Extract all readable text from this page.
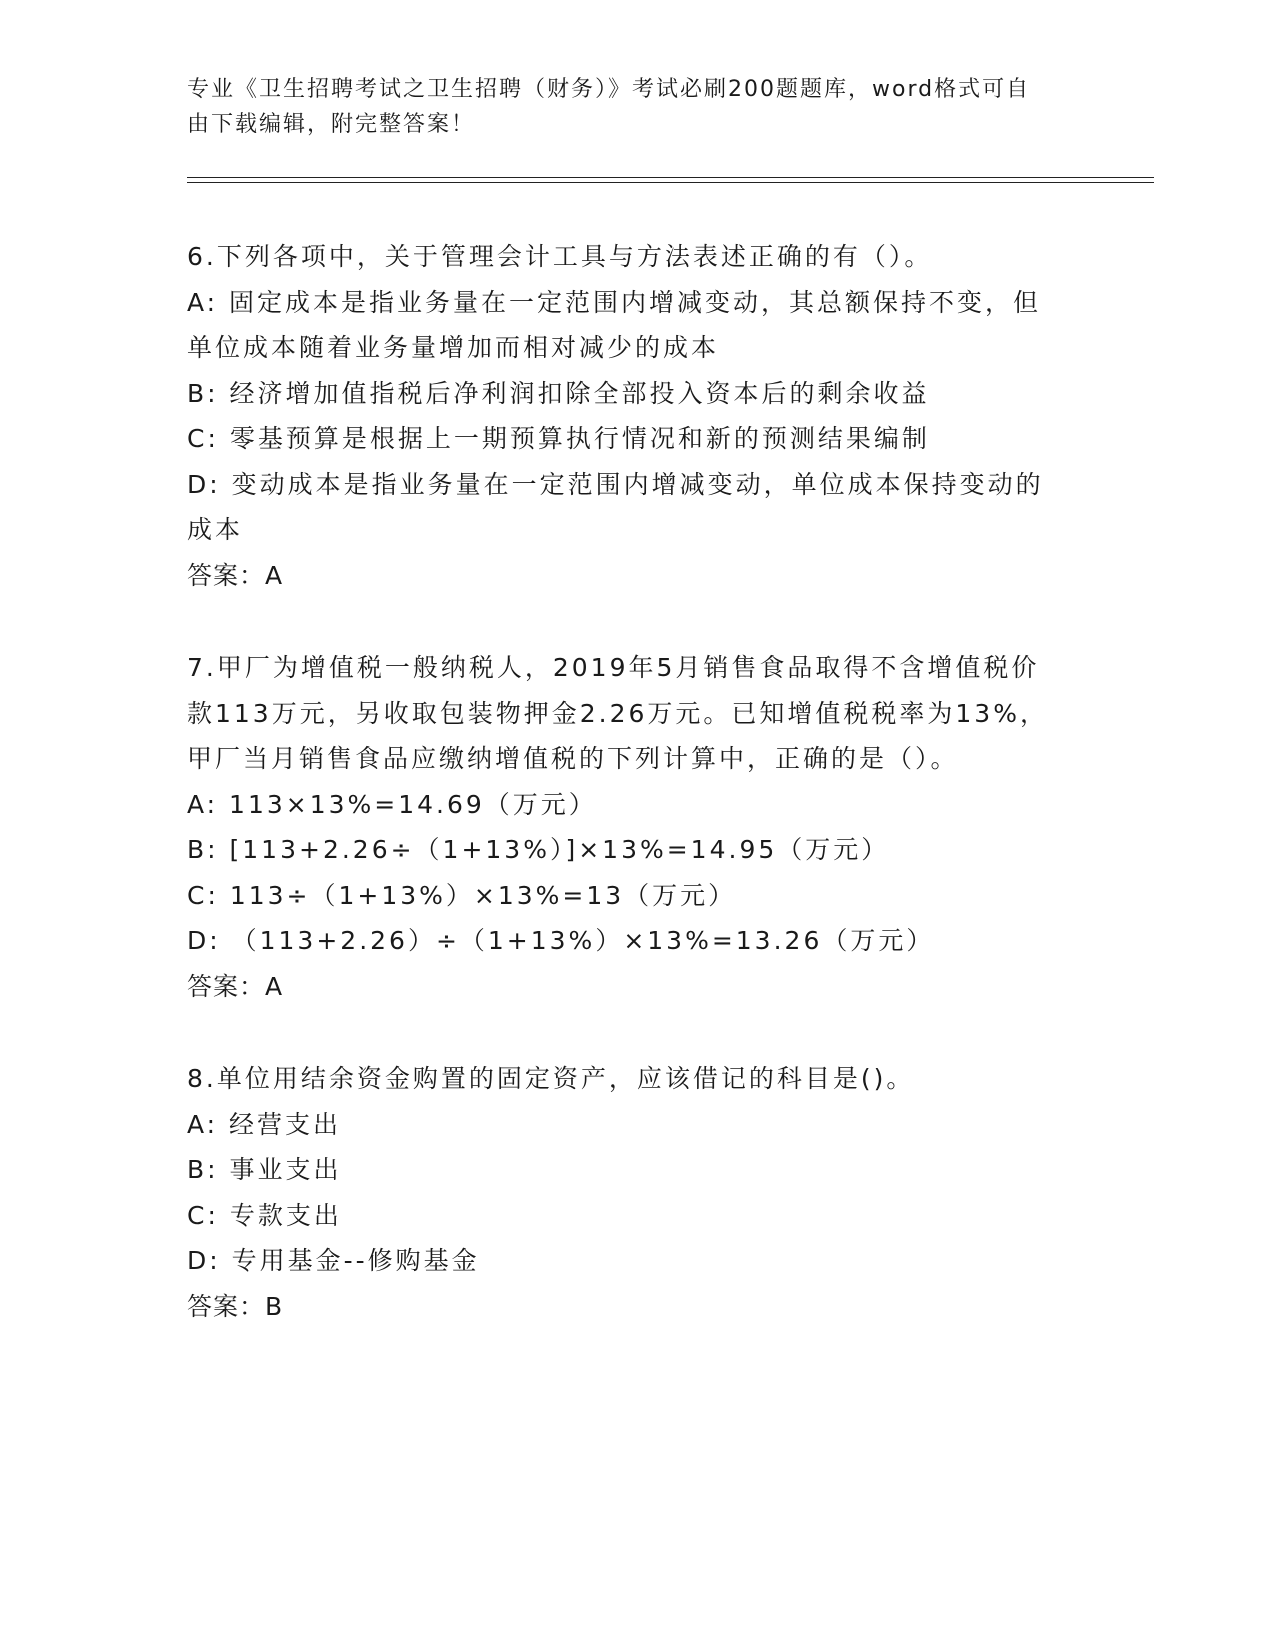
专业《卫生招聘考试之卫生招聘（财务）》考试必刷200题题库，word格式可自
由下载编辑，附完整答案！
6.下列各项中，关于管理会计工具与方法表述正确的有（）。
A: 固定成本是指业务量在一定范围内增减变动，其总额保持不变，但
单位成本随着业务量增加而相对减少的成本
B: 经济增加值指税后净利润扣除全部投入资本后的剩余收益
C: 零基预算是根据上一期预算执行情况和新的预测结果编制
D: 变动成本是指业务量在一定范围内增减变动，单位成本保持变动的
成本
答案：A
7.甲厂为增值税一般纳税人，2019年5月销售食品取得不含增值税价
款113万元，另收取包装物押金2.26万元。已知增值税税率为13%，
甲厂当月销售食品应缴纳增值税的下列计算中，正确的是（）。
A: 113×13%=14.69（万元）
B: [113+2.26÷（1+13%）]×13%=14.95（万元）
C: 113÷（1+13%）×13%=13（万元）
D: （113+2.26）÷（1+13%）×13%=13.26（万元）
答案：A
8.单位用结余资金购置的固定资产，应该借记的科目是()。
A: 经营支出
B: 事业支出
C: 专款支出
D: 专用基金--修购基金
答案：B
